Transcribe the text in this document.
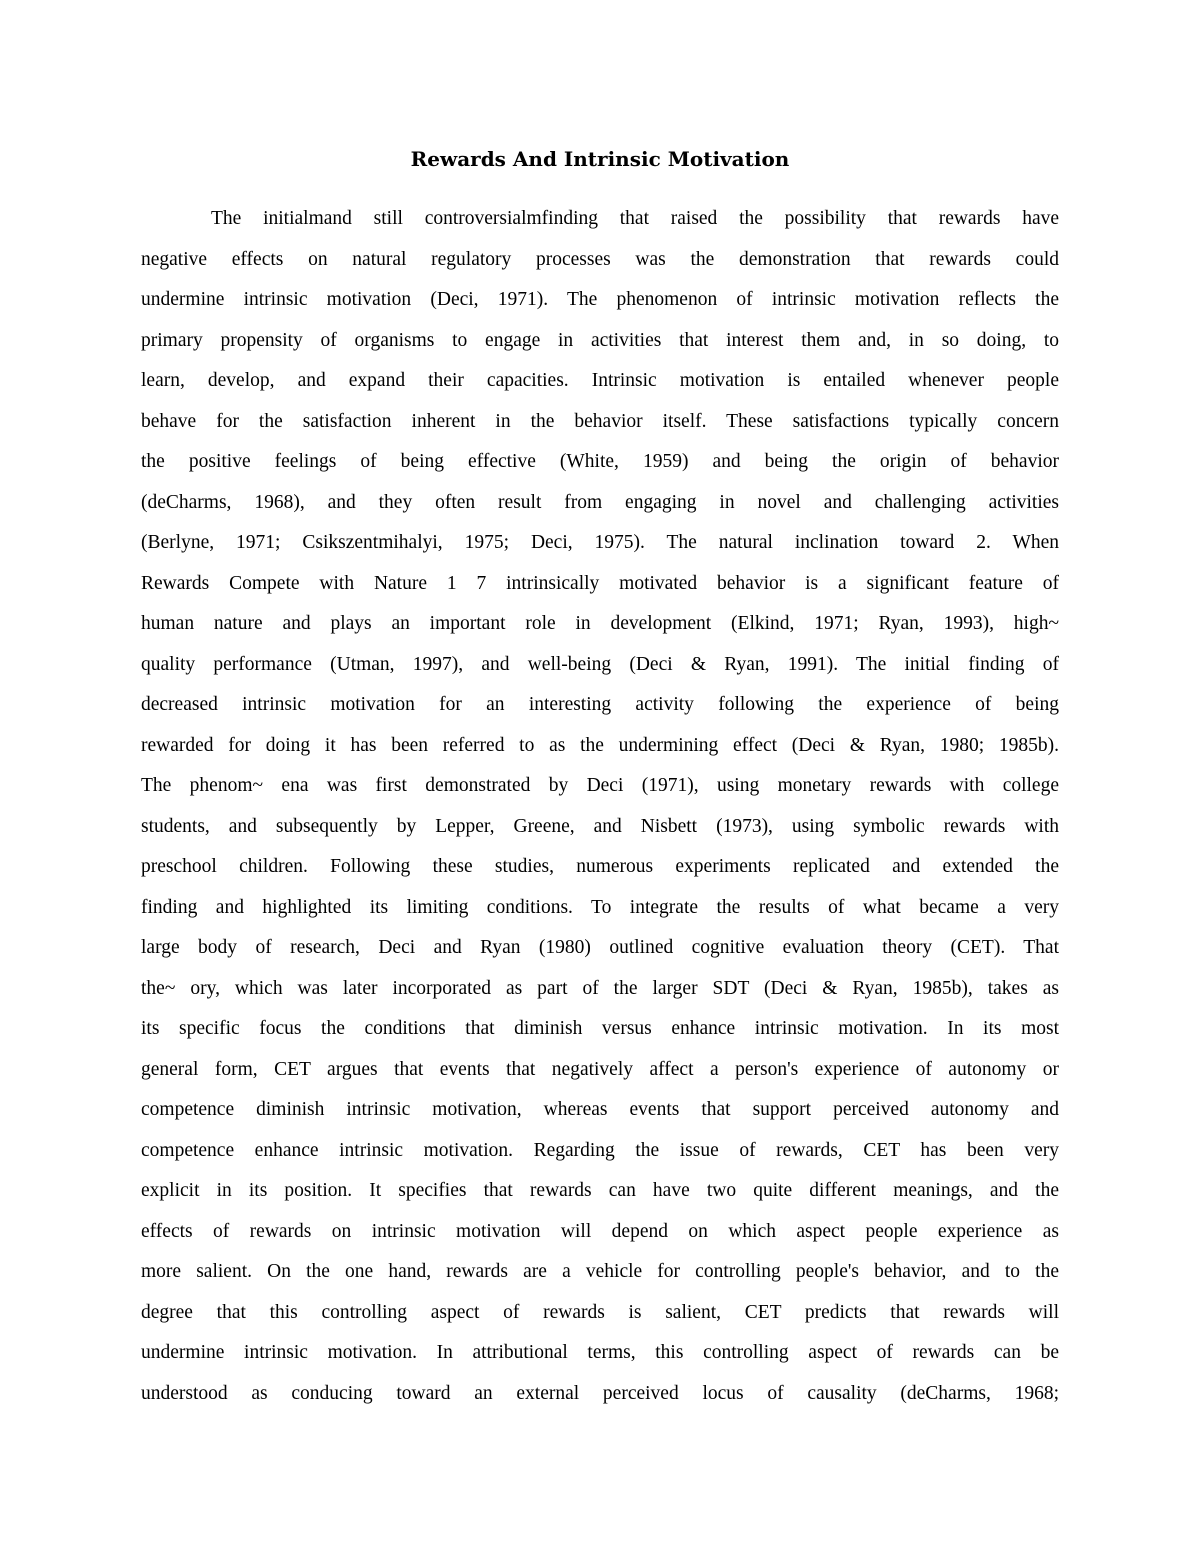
Rewards And Intrinsic Motivation
The initialmand still controversialmfinding that raised the possibility that rewards have
negative effects on natural regulatory processes was the demonstration that rewards could
undermine intrinsic motivation (Deci, 1971). The phenomenon of intrinsic motivation reflects the
primary propensity of organisms to engage in activities that interest them and, in so doing, to
learn, develop, and expand their capacities. Intrinsic motivation is entailed whenever people
behave for the satisfaction inherent in the behavior itself. These satisfactions typically concern
the positive feelings of being effective (White, 1959) and being the origin of behavior
(deCharms, 1968), and they often result from engaging in novel and challenging activities
(Berlyne, 1971; Csikszentmihalyi, 1975; Deci, 1975). The natural inclination toward 2. When
Rewards Compete with Nature 1 7 intrinsically motivated behavior is a significant feature of
human nature and plays an important role in development (Elkind, 1971; Ryan, 1993), high~
quality performance (Utman, 1997), and well-being (Deci & Ryan, 1991). The initial finding of
decreased intrinsic motivation for an interesting activity following the experience of being
rewarded for doing it has been referred to as the undermining effect (Deci & Ryan, 1980; 1985b).
The phenom~ ena was first demonstrated by Deci (1971), using monetary rewards with college
students, and subsequently by Lepper, Greene, and Nisbett (1973), using symbolic rewards with
preschool children. Following these studies, numerous experiments replicated and extended the
finding and highlighted its limiting conditions. To integrate the results of what became a very
large body of research, Deci and Ryan (1980) outlined cognitive evaluation theory (CET). That
the~ ory, which was later incorporated as part of the larger SDT (Deci & Ryan, 1985b), takes as
its specific focus the conditions that diminish versus enhance intrinsic motivation. In its most
general form, CET argues that events that negatively affect a person's experience of autonomy or
competence diminish intrinsic motivation, whereas events that support perceived autonomy and
competence enhance intrinsic motivation. Regarding the issue of rewards, CET has been very
explicit in its position. It specifies that rewards can have two quite different meanings, and the
effects of rewards on intrinsic motivation will depend on which aspect people experience as
more salient. On the one hand, rewards are a vehicle for controlling people's behavior, and to the
degree that this controlling aspect of rewards is salient, CET predicts that rewards will
undermine intrinsic motivation. In attributional terms, this controlling aspect of rewards can be
understood as conducing toward an external perceived locus of causality (deCharms, 1968;
